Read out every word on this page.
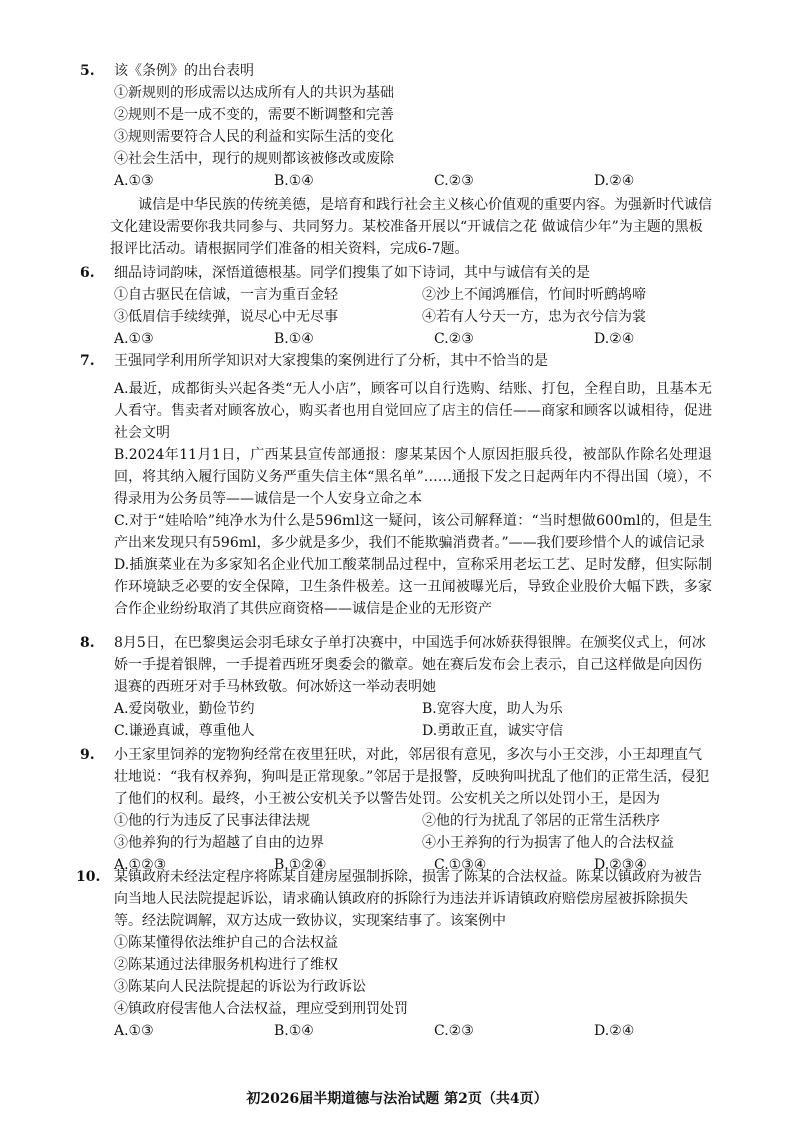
5. 该《条例》的出台表明
①新规则的形成需以达成所有人的共识为基础
②规则不是一成不变的，需要不断调整和完善
③规则需要符合人民的利益和实际生活的变化
④社会生活中，现行的规则都该被修改或废除
A.①③	B.①④	C.②③	D.②④
诚信是中华民族的传统美德，是培育和践行社会主义核心价值观的重要内容。为强新时代诚信文化建设需要你我共同参与、共同努力。某校准备开展以“开诚信之花 做诚信少年”为主题的黑板报评比活动。请根据同学们准备的相关资料，完成6-7题。
6. 细品诗词韵味，深悟道德根基。同学们搜集了如下诗词，其中与诚信有关的是
①自古驱民在信诚，一言为重百金轻	②沙上不闻鸿雁信，竹间时听鹧鸪啼
③低眉信手续续弹，说尽心中无尽事	④若有人兮天一方，忠为衣兮信为裳
A.①③	B.①④	C.②③	D.②④
7. 王强同学利用所学知识对大家搜集的案例进行了分析，其中不恰当的是
A.最近，成都街头兴起各类“无人小店”，顾客可以自行选购、结账、打包，全程自助，且基本无人看守。售卖者对顾客放心，购买者也用自觉回应了店主的信任——商家和顾客以诚相待，促进社会文明
B.2024年11月1日，广西某县宣传部通报：廖某某因个人原因拒服兵役，被部队作除名处理退回，将其纳入履行国防义务严重失信主体“黑名单”……通报下发之日起两年内不得出国（境），不得录用为公务员等——诚信是一个人安身立命之本
C.对于“娃哈哈”纯净水为什么是596ml这一疑问，该公司解释道：“当时想做600ml的，但是生产出来发现只有596ml，多少就是多少，我们不能欺骗消费者。”——我们要珍惜个人的诚信记录
D.插旗菜业在为多家知名企业代加工酸菜制品过程中，宣称采用老坛工艺、足时发酵，但实际制作环境缺乏必要的安全保障，卫生条件极差。这一丑闻被曝光后，导致企业股价大幅下跌，多家合作企业纷纷取消了其供应商资格——诚信是企业的无形资产
8. 8月5日，在巴黎奥运会羽毛球女子单打决赛中，中国选手何冰娇获得银牌。在颁奖仪式上，何冰娇一手提着银牌，一手提着西班牙奥委会的徽章。她在赛后发布会上表示，自己这样做是向因伤退赛的西班牙对手马林致敬。何冰娇这一举动表明她
A.爱岗敬业，勤俭节约	B.宽容大度，助人为乐
C.谦逊真诚，尊重他人	D.勇敢正直，诚实守信
9. 小王家里饲养的宠物狗经常在夜里狂吠，对此，邻居很有意见，多次与小王交涉，小王却理直气壮地说：“我有权养狗，狗叫是正常现象。”邻居于是报警，反映狗叫扰乱了他们的正常生活，侵犯了他们的权利。最终，小王被公安机关予以警告处罚。公安机关之所以处罚小王，是因为
①他的行为违反了民事法律法规	②他的行为扰乱了邻居的正常生活秩序
③他养狗的行为超越了自由的边界	④小王养狗的行为损害了他人的合法权益
A.①②③	B.①②④	C.①③④	D.②③④
10. 某镇政府未经法定程序将陈某自建房屋强制拆除，损害了陈某的合法权益。陈某以镇政府为被告向当地人民法院提起诉讼，请求确认镇政府的拆除行为违法并诉请镇政府赔偿房屋被拆除损失等。经法院调解，双方达成一致协议，实现案结事了。该案例中
①陈某懂得依法维护自己的合法权益
②陈某通过法律服务机构进行了维权
③陈某向人民法院提起的诉讼为行政诉讼
④镇政府侵害他人合法权益，理应受到刑罚处罚
A.①③	B.①④	C.②③	D.②④
初2026届半期道德与法治试题 第2页（共4页）
